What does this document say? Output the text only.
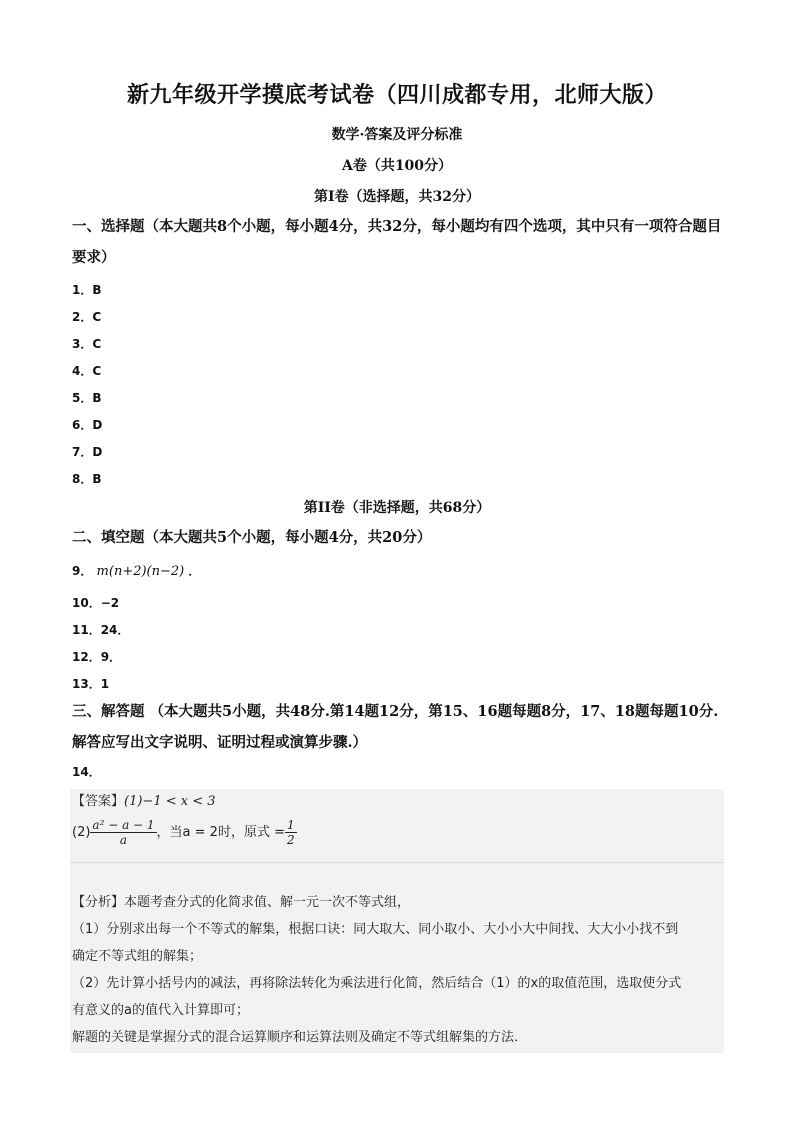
新九年级开学摸底考试卷（四川成都专用，北师大版）
数学·答案及评分标准
A卷（共100分）
第I卷（选择题，共32分）
一、选择题（本大题共8个小题，每小题4分，共32分，每小题均有四个选项，其中只有一项符合题目要求）
1．B
2．C
3．C
4．C
5．B
6．D
7．D
8．B
第II卷（非选择题，共68分）
二、填空题（本大题共5个小题，每小题4分，共20分）
9． m(n+2)(n−2) ．
10．−2
11．24．
12．9．
13．1
三、解答题 （本大题共5小题，共48分.第14题12分，第15、16题每题8分，17、18题每题10分.解答应写出文字说明、证明过程或演算步骤.）
14．
【答案】(1)−1 < x < 3
$(2) \frac{\text{a² − a − 1}}{a}$ ，当a = 2时，原式 = $\frac{1}{2}$
【分析】本题考查分式的化简求值、解一元一次不等式组，
（1）分别求出每一个不等式的解集，根据口诀：同大取大、同小取小、大小小大中间找、大大小小找不到
确定不等式组的解集；
（2）先计算小括号内的减法，再将除法转化为乘法进行化简，然后结合（1）的x的取值范围，选取使分式
有意义的a的值代入计算即可；
解题的关键是掌握分式的混合运算顺序和运算法则及确定不等式组解集的方法．
